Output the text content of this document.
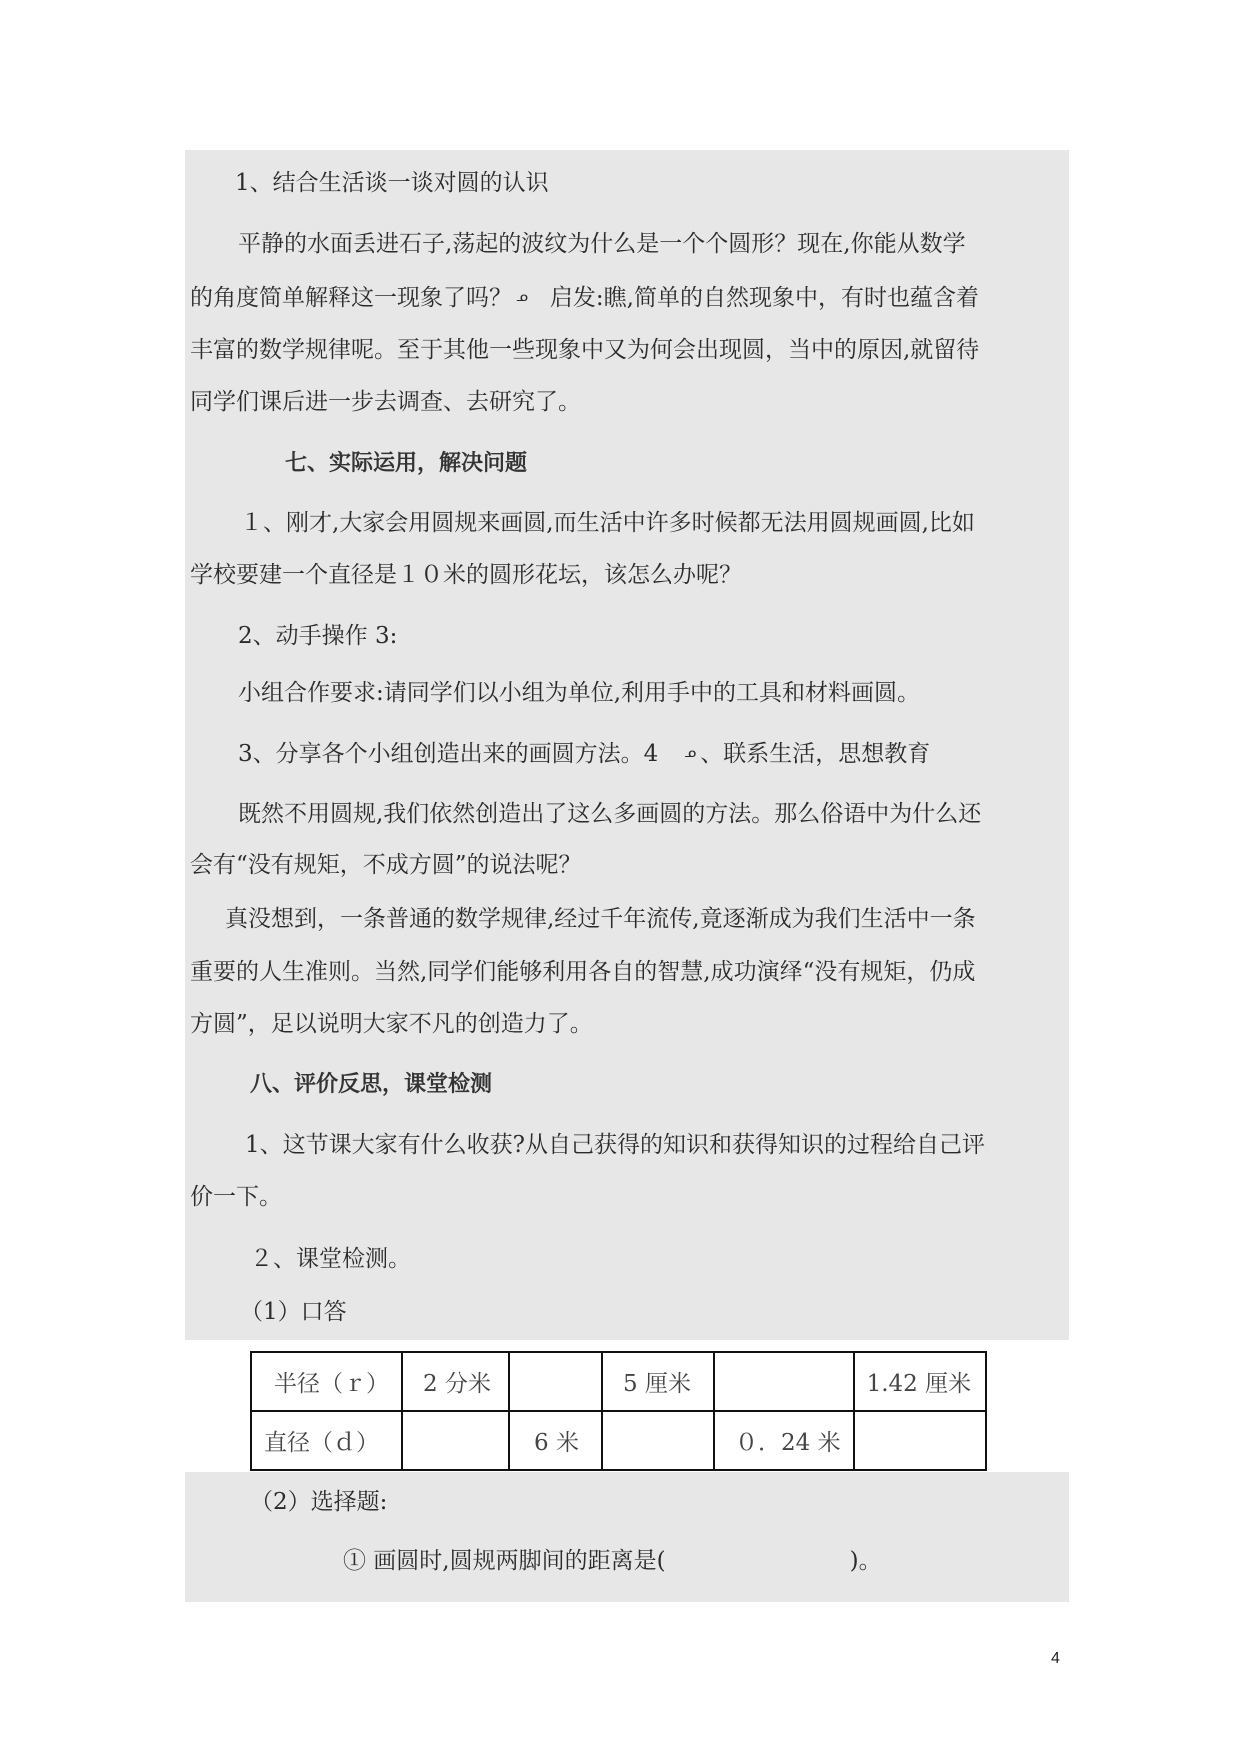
1、结合生活谈一谈对圆的认识
平静的水面丢进石子,荡起的波纹为什么是一个个圆形？现在,你能从数学
的角度简单解释这一现象了吗？ ᓄ 启发:瞧,简单的自然现象中，有时也蕴含着
丰富的数学规律呢。至于其他一些现象中又为何会出现圆，当中的原因,就留待
同学们课后进一步去调查、去研究了。
七、实际运用，解决问题
１、刚才,大家会用圆规来画圆,而生活中许多时候都无法用圆规画圆,比如
学校要建一个直径是１０米的圆形花坛，该怎么办呢？
2、动手操作 3:
小组合作要求:请同学们以小组为单位,利用手中的工具和材料画圆。
3、分享各个小组创造出来的画圆方法。4 ᓄ 、联系生活，思想教育
既然不用圆规,我们依然创造出了这么多画圆的方法。那么俗语中为什么还
会有“没有规矩，不成方圆”的说法呢？
真没想到，一条普通的数学规律,经过千年流传,竟逐渐成为我们生活中一条
重要的人生准则。当然,同学们能够利用各自的智慧,成功演绎“没有规矩，仍成
方圆”，足以说明大家不凡的创造力了。
八、评价反思，课堂检测
1、这节课大家有什么收获?从自己获得的知识和获得知识的过程给自己评
价一下。
２、课堂检测。
（1）口答
半径（ｒ）	2 分米		5 厘米		1.42 厘米
直径（ｄ）		6 米		０．24 米	
（2）选择题:
① 画圆时,圆规两脚间的距离是(　　　　　　　　)。
4
